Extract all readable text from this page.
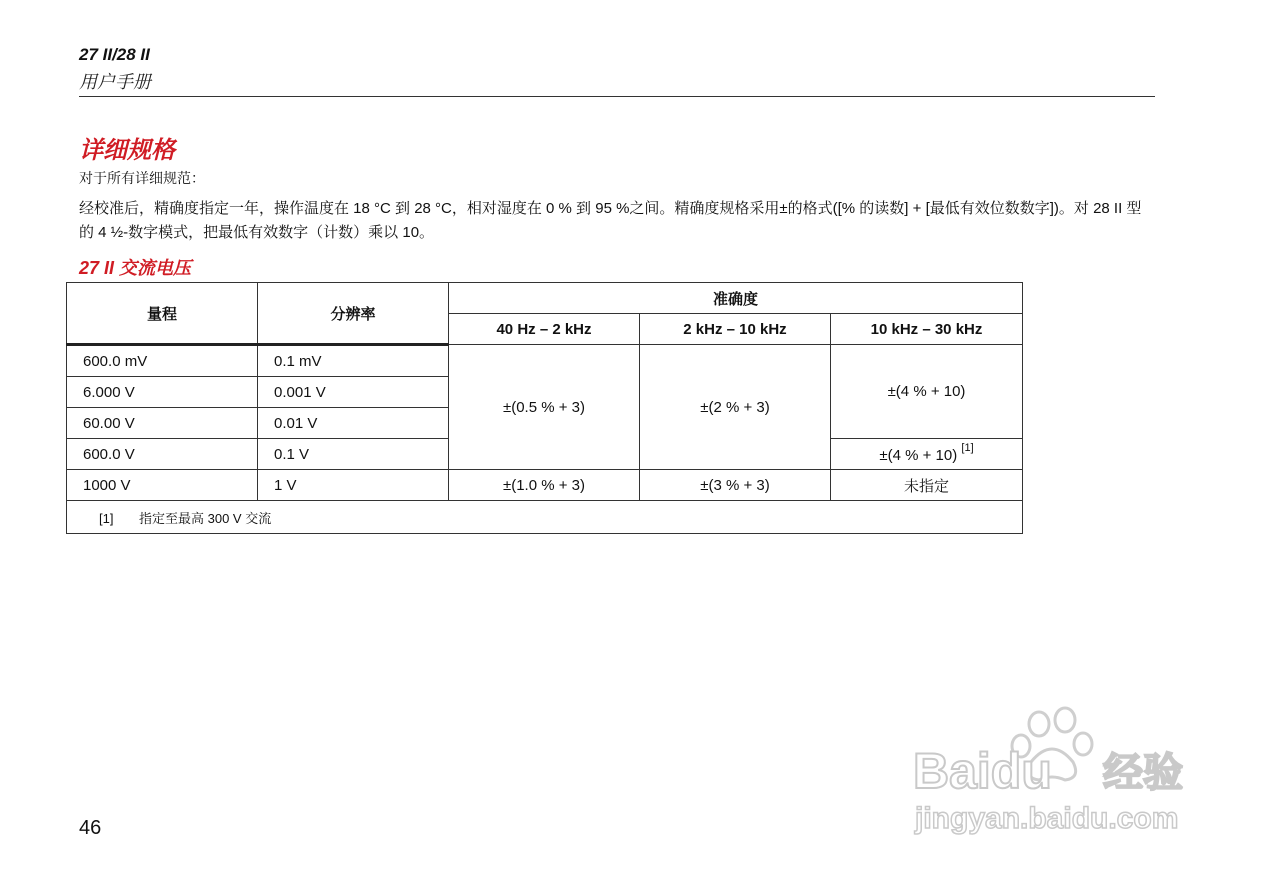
27 II/28 II
用户手册
详细规格
对于所有详细规范：
经校准后，精确度指定一年，操作温度在 18 °C 到 28 °C，相对湿度在 0 % 到 95 %之间。精确度规格采用±的格式([% 的读数] + [最低有效位数数字])。对 28 II 型的 4 ½-数字模式，把最低有效数字（计数）乘以 10。
27 II 交流电压
量程	分辨率	准确度		
		40 Hz – 2 kHz	2 kHz – 10 kHz	10 kHz – 30 kHz
600.0 mV	0.1 mV	±(0.5 % + 3)	±(2 % + 3)	±(4 % + 10)
6.000 V	0.001 V			
60.00 V	0.01 V			
600.0 V	0.1 V			±(4 % + 10) [1]
1000 V	1 V	±(1.0 % + 3)	±(3 % + 3)	未指定
[1] 指定至最高 300 V 交流				
46
Baidu 经验
jingyan.baidu.com
